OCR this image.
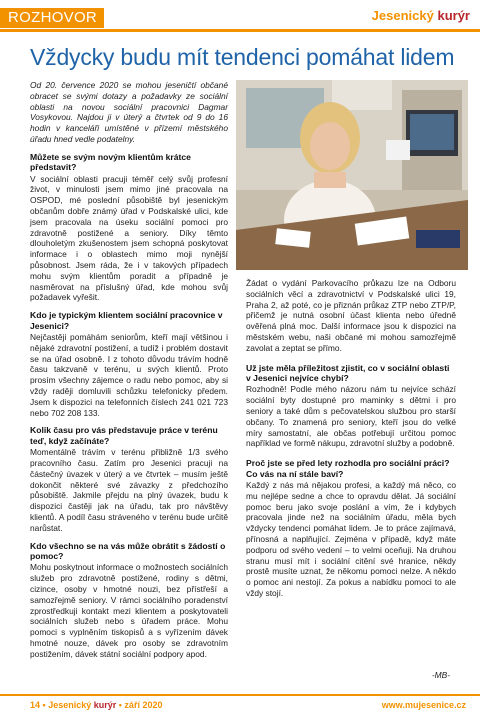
ROZHOVOR	Jesenický kurýr
Vždycky budu mít tendenci pomáhat lidem

Od 20. července 2020 se mohou jeseničtí občané obracet se svými dotazy a požadavky ze sociální oblasti na novou sociální pracovnici Dagmar Vosykovou. Najdou ji v úterý a čtvrtek od 9 do 16 hodin v kanceláři umístěné v přízemí městského úřadu hned vedle podatelny.

Můžete se svým novým klientům krátce představit?

V sociální oblasti pracuji téměř celý svůj profesní život, v minulosti jsem mimo jiné pracovala na OSPOD, mé poslední působiště byl jesenickým občanům dobře známý úřad v Podskalské ulici, kde jsem pracovala na úseku sociální pomoci pro zdravotně postižené a seniory. Díky těmto dlouholetým zkušenostem jsem schopná poskytovat informace i o oblastech mimo moji nynější působnost. Jsem ráda, že i v takových případech mohu svým klientům poradit a případně je nasměrovat na příslušný úřad, kde mohou svůj požadavek vyřešit.

Kdo je typickým klientem sociální pracovnice v Jesenici?

Nejčastěji pomáhám seniorům, kteří mají většinou i nějaké zdravotní postižení, a tudíž i problém dostavit se na úřad osobně. I z tohoto důvodu trávím hodně času takzvaně v terénu, u svých klientů. Proto prosím všechny zájemce o radu nebo pomoc, aby si vždy raději domluvili schůzku telefonicky předem. Jsem k dispozici na telefonních číslech 241 021 723 nebo 702 208 133.

Kolik času pro vás představuje práce v terénu teď, když začínáte?

Momentálně trávím v terénu přibližně 1/3 svého pracovního času. Zatím pro Jesenici pracuji na částečný úvazek v úterý a ve čtvrtek – musím ještě dokončit některé své závazky z předchozího působiště. Jakmile přejdu na plný úvazek, budu k dispozici častěji jak na úřadu, tak pro návštěvy klientů. A podíl času stráveného v terénu bude určitě narůstat.

Kdo všechno se na vás může obrátit s žádostí o pomoc?

Mohu poskytnout informace o možnostech sociálních služeb pro zdravotně postižené, rodiny s dětmi, cizince, osoby v hmotné nouzi, bez přístřeší a samozřejmě seniory. V rámci sociálního poradenství zprostředkuji kontakt mezi klientem a poskytovateli sociálních služeb nebo s úřadem práce. Mohu pomoci s vyplněním tiskopisů a s vyřízením dávek hmotné nouze, dávek pro osoby se zdravotním postižením, dávek státní sociální podpory apod.

Žádat o vydání Parkovacího průkazu lze na Odboru sociálních věcí a zdravotnictví v Podskalské ulici 19, Praha 2, až poté, co je přiznán průkaz ZTP nebo ZTP/P, přičemž je nutná osobní účast klienta nebo úředně ověřená plná moc. Další informace jsou k dispozici na městském webu, naši občané mi mohou samozřejmě zavolat a zeptat se přímo.

Už jste měla příležitost zjistit, co v sociální oblasti v Jesenici nejvíce chybí?

Rozhodně! Podle mého názoru nám tu nejvíce schází sociální byty dostupné pro maminky s dětmi i pro seniory a také dům s pečovatelskou službou pro starší občany. To znamená pro seniory, kteří jsou do velké míry samostatní, ale občas potřebují určitou pomoc například ve formě nákupu, zdravotní služby a podobně.

Proč jste se před lety rozhodla pro sociální práci? Co vás na ní stále baví?

Každý z nás má nějakou profesi, a každý má něco, co mu nejlépe sedne a chce to opravdu dělat. Já sociální pomoc beru jako svoje poslání a vím, že i kdybych pracovala jinde než na sociálním úřadu, měla bych vždycky tendenci pomáhat lidem. Je to práce zajímavá, přínosná a naplňující. Zejména v případě, když máte podporu od svého vedení – to velmi oceňuji. Na druhou stranu musí mít i sociální citění své hranice, někdy prostě musíte uznat, že někomu pomoci nelze. A někdo o pomoc ani nestojí. Za pokus a nabídku pomoci to ale vždy stojí.

-MB-
14 • Jesenický kurýr • září 2020	www.mujesenice.cz
